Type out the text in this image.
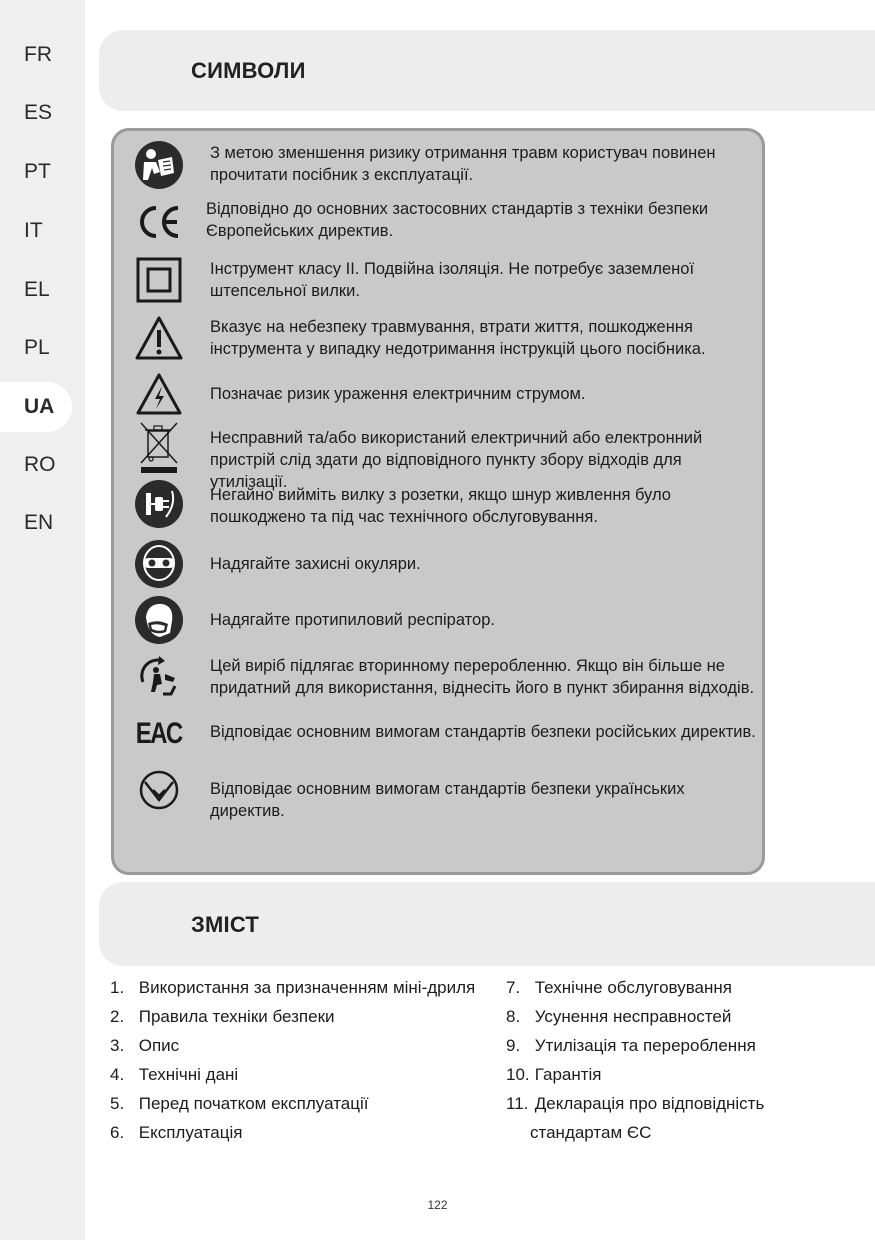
FR
ES
PT
IT
EL
PL
UA
RO
EN
СИМВОЛИ
З метою зменшення ризику отримання травм користувач повинен прочитати посібник з експлуатації.
Відповідно до основних застосовних стандартів з техніки безпеки Європейських директив.
Інструмент класу ІІ. Подвійна ізоляція. Не потребує заземленої штепсельної вилки.
Вказує на небезпеку травмування, втрати життя, пошкодження інструмента у випадку недотримання інструкцій цього посібника.
Позначає ризик ураження електричним струмом.
Несправний та/або використаний електричний або електронний пристрій слід здати до відповідного пункту збору відходів для утилізації.
Негайно вийміть вилку з розетки, якщо шнур живлення було пошкоджено та під час технічного обслуговування.
Надягайте захисні окуляри.
Надягайте протипиловий респіратор.
Цей виріб підлягає вторинному переробленню. Якщо він більше не придатний для використання, віднесіть його в пункт збирання відходів.
EAC Відповідає основним вимогам стандартів безпеки російських директив.
Відповідає основним вимогам стандартів безпеки українських директив.
ЗМІСТ
1. Використання за призначенням міні-дриля
2. Правила техніки безпеки
3. Опис
4. Технічні дані
5. Перед початком експлуатації
6. Експлуатація
7. Технічне обслуговування
8. Усунення несправностей
9. Утилізація та перероблення
10. Гарантія
11. Декларація про відповідність
стандартам ЄС
122
